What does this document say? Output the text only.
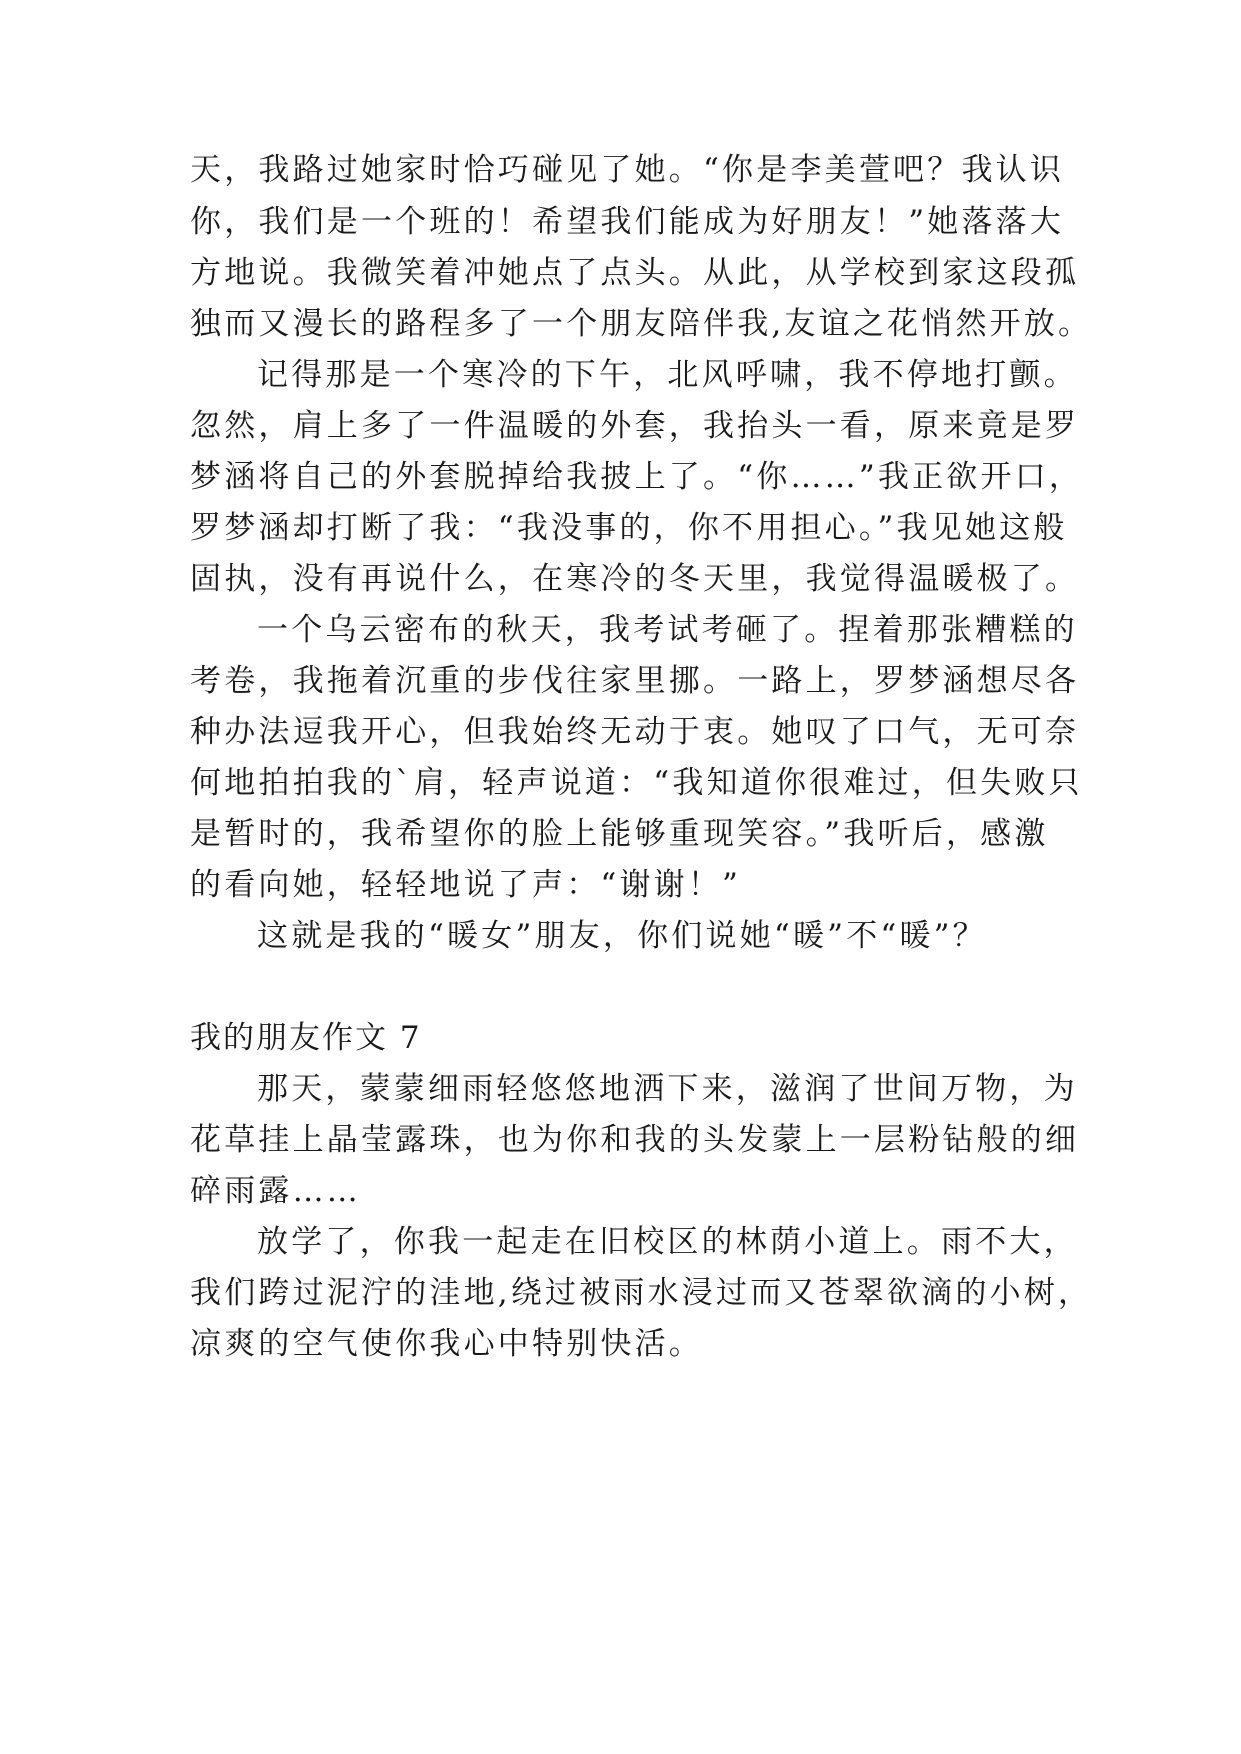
天，我路过她家时恰巧碰见了她。“你是李美萱吧？我认识
你，我们是一个班的！希望我们能成为好朋友！”她落落大
方地说。我微笑着冲她点了点头。从此，从学校到家这段孤
独而又漫长的路程多了一个朋友陪伴我,友谊之花悄然开放。
记得那是一个寒冷的下午，北风呼啸，我不停地打颤。
忽然，肩上多了一件温暖的外套，我抬头一看，原来竟是罗
梦涵将自己的外套脱掉给我披上了。“你……”我正欲开口，
罗梦涵却打断了我：“我没事的，你不用担心。”我见她这般
固执，没有再说什么，在寒冷的冬天里，我觉得温暖极了。
一个乌云密布的秋天，我考试考砸了。捏着那张糟糕的
考卷，我拖着沉重的步伐往家里挪。一路上，罗梦涵想尽各
种办法逗我开心，但我始终无动于衷。她叹了口气，无可奈
何地拍拍我的`肩，轻声说道：“我知道你很难过，但失败只
是暂时的，我希望你的脸上能够重现笑容。”我听后，感激
的看向她，轻轻地说了声：“谢谢！”
这就是我的“暖女”朋友，你们说她“暖”不“暖”？
我的朋友作文 7
那天，蒙蒙细雨轻悠悠地洒下来，滋润了世间万物，为
花草挂上晶莹露珠，也为你和我的头发蒙上一层粉钻般的细
碎雨露……
放学了，你我一起走在旧校区的林荫小道上。雨不大，
我们跨过泥泞的洼地,绕过被雨水浸过而又苍翠欲滴的小树，
凉爽的空气使你我心中特别快活。
